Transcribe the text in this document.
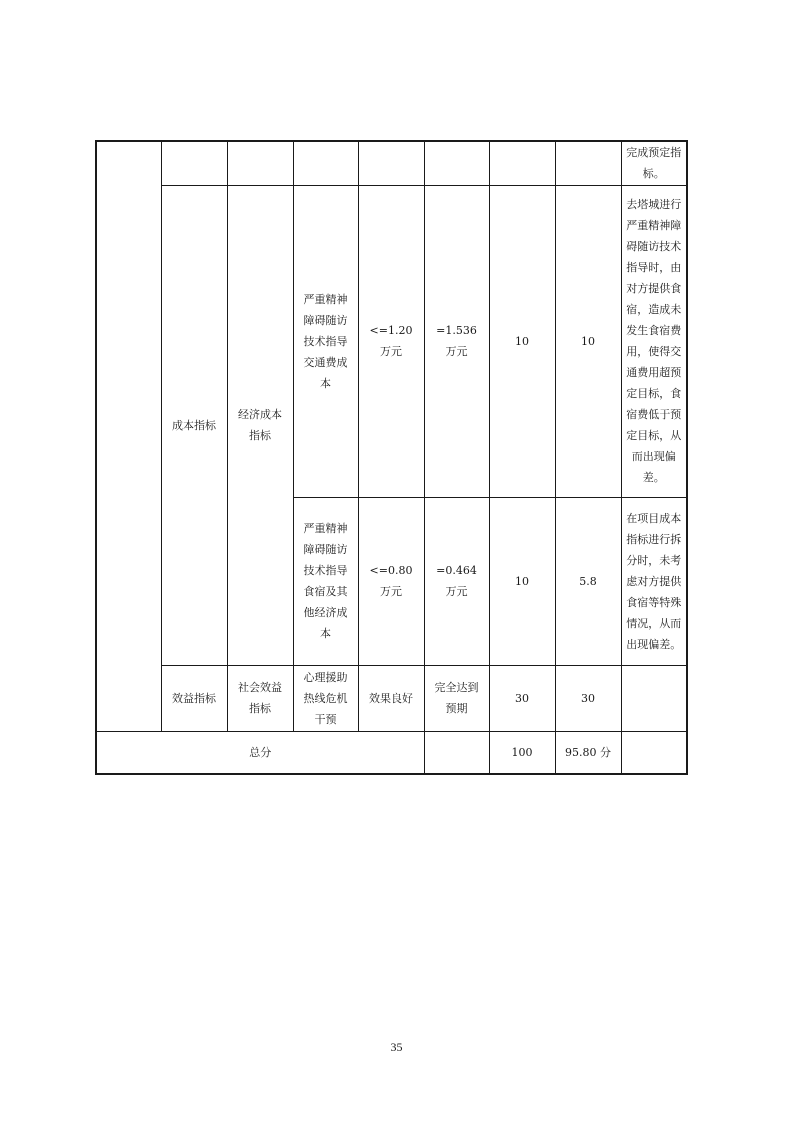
								完成预定指标。

	成本指标	经济成本指标	严重精神障碍随访技术指导交通费成本	<=1.20 万元	=1.536 万元	10	10	去塔城进行严重精神障碍随访技术指导时，由对方提供食宿，造成未发生食宿费用，使得交通费用超预定目标，食宿费低于预定目标，从而出现偏差。

			严重精神障碍随访技术指导食宿及其他经济成本	<=0.80 万元	=0.464 万元	10	5.8	在项目成本指标进行拆分时，未考虑对方提供食宿等特殊情况，从而出现偏差。

	效益指标	社会效益指标	心理援助热线危机干预	效果良好	完全达到预期	30	30	

总分						100	95.80 分	
35
